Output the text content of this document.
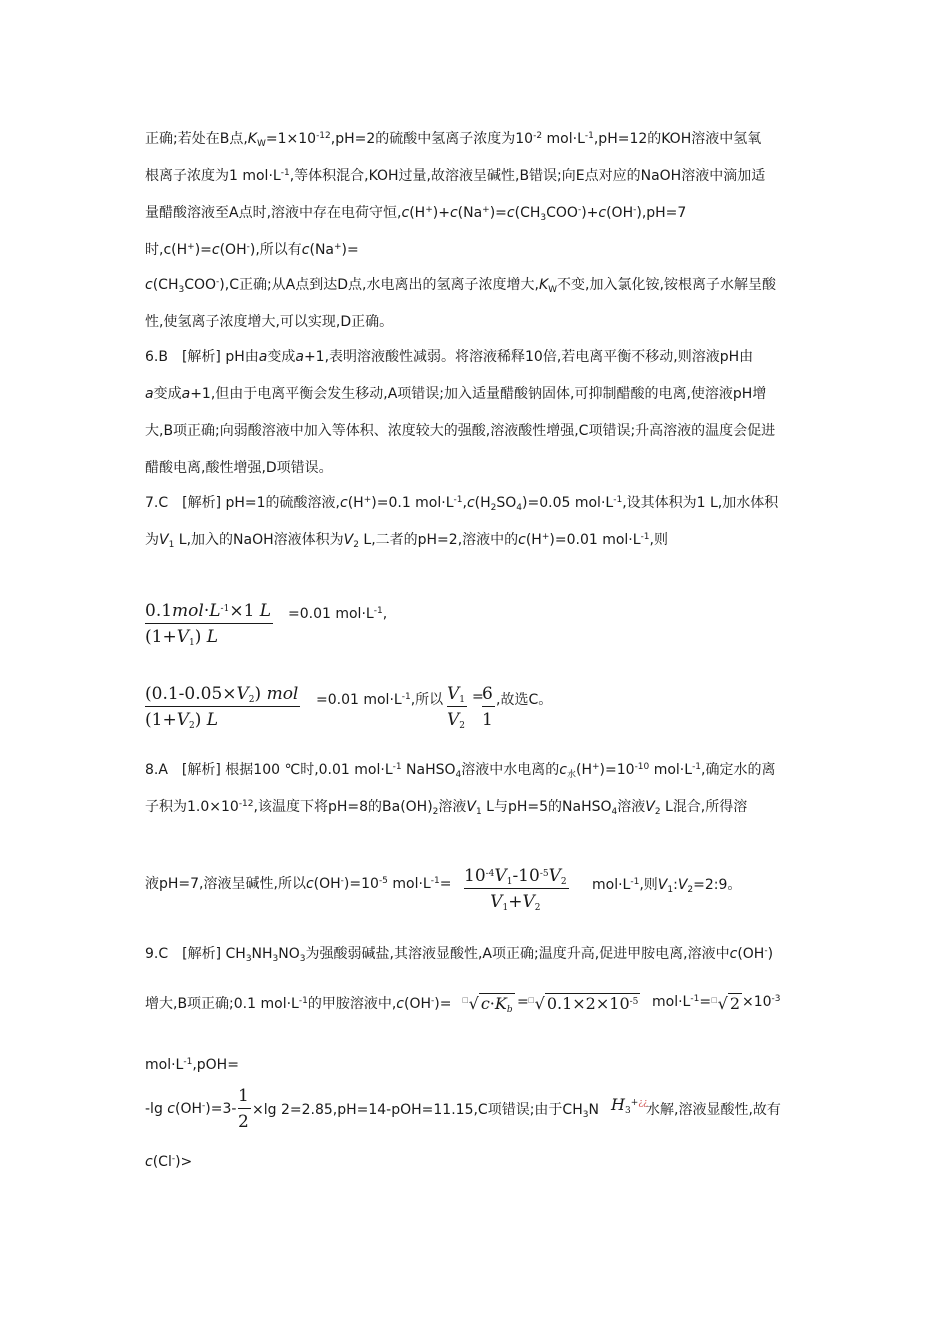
正确;若处在B点$,K_W=1\times 10^{-12},pH=2$的硫酸中氢离子浓度为$10^{-2}$ $mol\cdot L^{-1},pH=12$的KOH溶液中氢氧
根离子浓度为1 $mol\cdot L^{-1}$,等体积混合,KOH过量,故溶液呈碱性,B错误;向E点对应的NaOH溶液中滴加适
量醋酸溶液至A点时,溶液中存在电荷守恒$,c(H^+)+c(Na^+)=c(CH_3COO^-)+c(OH^-),pH=7$
时,c(H+)=c(OH-),所以有c(Na+)=
$c(CH_3COO^-),C$正确;从A点到达D点,水电离出的氢离子浓度增大$,K_W$不变,加入氯化铵,铵根离子水解呈酸
性,使氢离子浓度增大,可以实现,D正确。
6.B　[解析] pH由a变成a+1,表明溶液酸性减弱。将溶液稀释10倍,若电离平衡不移动,则溶液pH由
a变成a+1,但由于电离平衡会发生移动,A项错误;加入适量醋酸钠固体,可抑制醋酸的电离,使溶液pH增
大,B项正确;向弱酸溶液中加入等体积、浓度较大的强酸,溶液酸性增强,C项错误;升高溶液的温度会促进
醋酸电离,酸性增强,D项错误。
7.C　[解析] pH=1的硫酸溶液,c(H+)=0.1 $mol\cdot L^{-1},c(H_2SO_4)=0.05$ $mol\cdot L^{-1}$,设其体积为1 L,加水体积
为$V_1$ L,加入的NaOH溶液体积为$V_2$ L,二者的pH=2,溶液中的c(H+)=0.01 $mol\cdot L^{-1}$,则
$0.1mol\cdot L^{-1}\times 1$ L
$(1+V_1)$ L
=0.01 $mol\cdot L^{-1}$,
$(0.1-0.05\times V_2)$ mol
$(1+V_2)$ L
=0.01 $mol\cdot L^{-1}$,所以 $\frac{V_1}{V_2}$ =
$\frac{6}{1}$ ,故选C。
8.A　[解析] 根据100 ℃时,0.01 $mol\cdot L^{-1}$ NaHSO$_4$溶液中水电离的$c_水(H^+)=10^{-10}$ $mol\cdot L^{-1}$,确定水的离
子积为$1.0\times 10^{-12}$,该温度下将pH=8的$Ba(OH)_2$溶液$V_1$ L与pH=5的NaHSO$_4$溶液$V_2$ L混合,所得溶
液pH=7,溶液呈碱性,所以$c(OH^-)=10^{-5}$ $mol\cdot L^{-1}= \frac{10^{-4}V_1-10^{-5}V_2}{V_1+V_2} mol\cdot L^{-1}$,则$V_1:V_2=2:9$。
9.C　[解析] $CH_3NH_3NO_3$为强酸弱碱盐,其溶液显酸性,A项正确;温度升高,促进甲胺电离,溶液中c(OH-)
增大,B项正确;0.1 $mol\cdot L^{-1}$的甲胺溶液中,c(OH-)= □√ $c\cdot K_b = ^□√$ $0.1\times 2\times 10^{-5}$ $mol\cdot L^{-1}= ^□√$ $2 \times 10^{-3}$
$mol\cdot L^{-1},pOH=$
-lg $c(OH^-)=3- \frac{1}{2} \times\lg$ 2=2.85,pH=14-pOH=11.15,C项错误;由于$CH_3N$ $H_3^{+¿¿}$
水解,溶液显酸性,故有
c(Cl-)>
